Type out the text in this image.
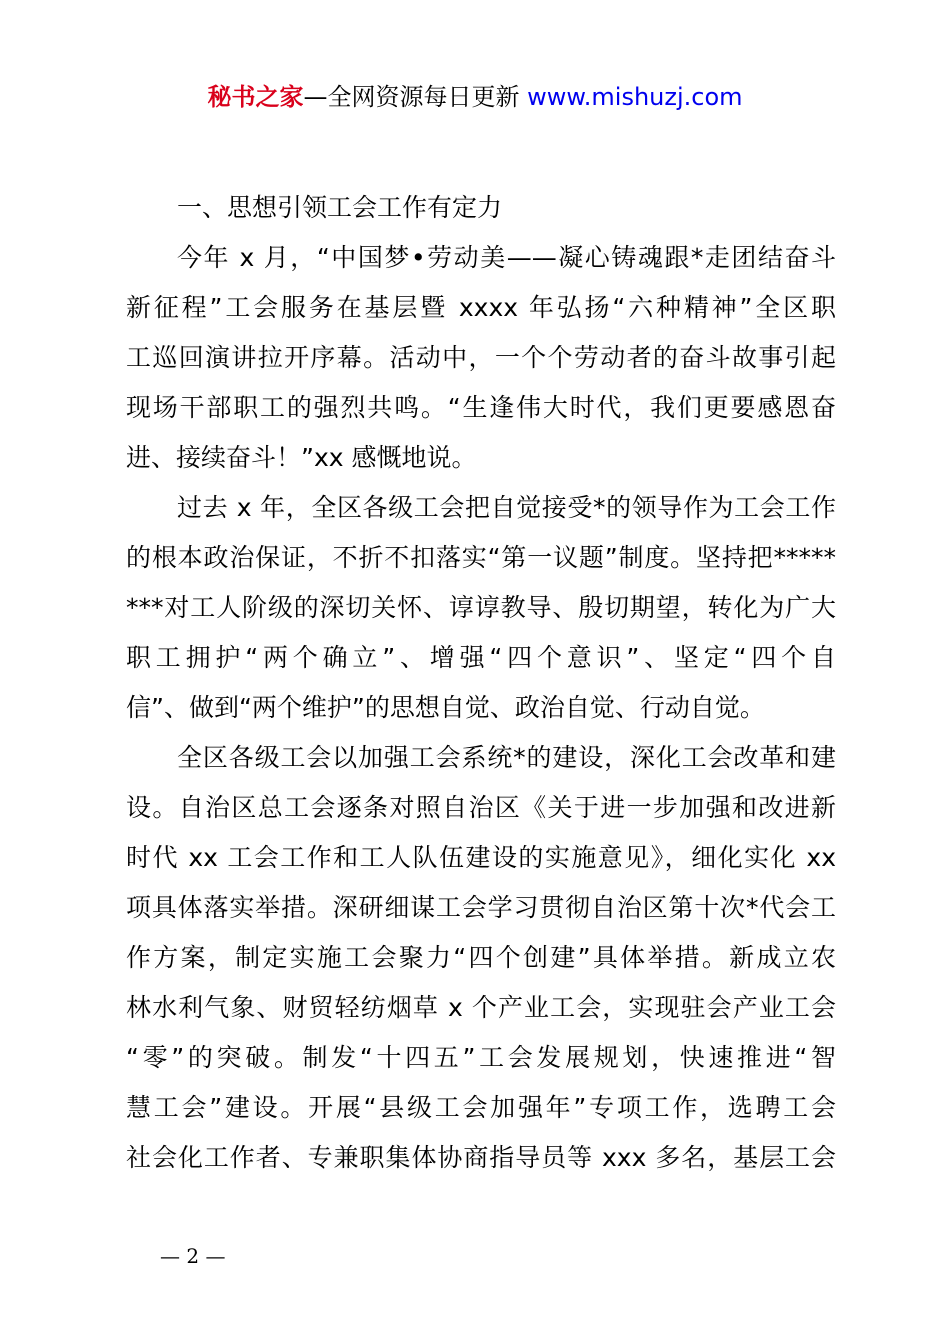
秘书之家—全网资源每日更新 www.mishuzj.com
一、思想引领工会工作有定力
今年 x 月，“中国梦•劳动美——凝心铸魂跟*走团结奋斗
新征程”工会服务在基层暨 xxxx 年弘扬“六种精神”全区职
工巡回演讲拉开序幕。活动中，一个个劳动者的奋斗故事引起
现场干部职工的强烈共鸣。“生逢伟大时代，我们更要感恩奋
进、接续奋斗！”xx 感慨地说。
过去 x 年，全区各级工会把自觉接受*的领导作为工会工作
的根本政治保证，不折不扣落实“第一议题”制度。坚持把*****
***对工人阶级的深切关怀、谆谆教导、殷切期望，转化为广大
职工拥护“两个确立”、增强“四个意识”、坚定“四个自
信”、做到“两个维护”的思想自觉、政治自觉、行动自觉。
全区各级工会以加强工会系统*的建设，深化工会改革和建
设。自治区总工会逐条对照自治区《关于进一步加强和改进新
时代 xx 工会工作和工人队伍建设的实施意见》，细化实化 xx
项具体落实举措。深研细谋工会学习贯彻自治区第十次*代会工
作方案，制定实施工会聚力“四个创建”具体举措。新成立农
林水利气象、财贸轻纺烟草 x 个产业工会，实现驻会产业工会
“零”的突破。制发“十四五”工会发展规划，快速推进“智
慧工会”建设。开展“县级工会加强年”专项工作，选聘工会
社会化工作者、专兼职集体协商指导员等 xxx 多名，基层工会
— 2 —
